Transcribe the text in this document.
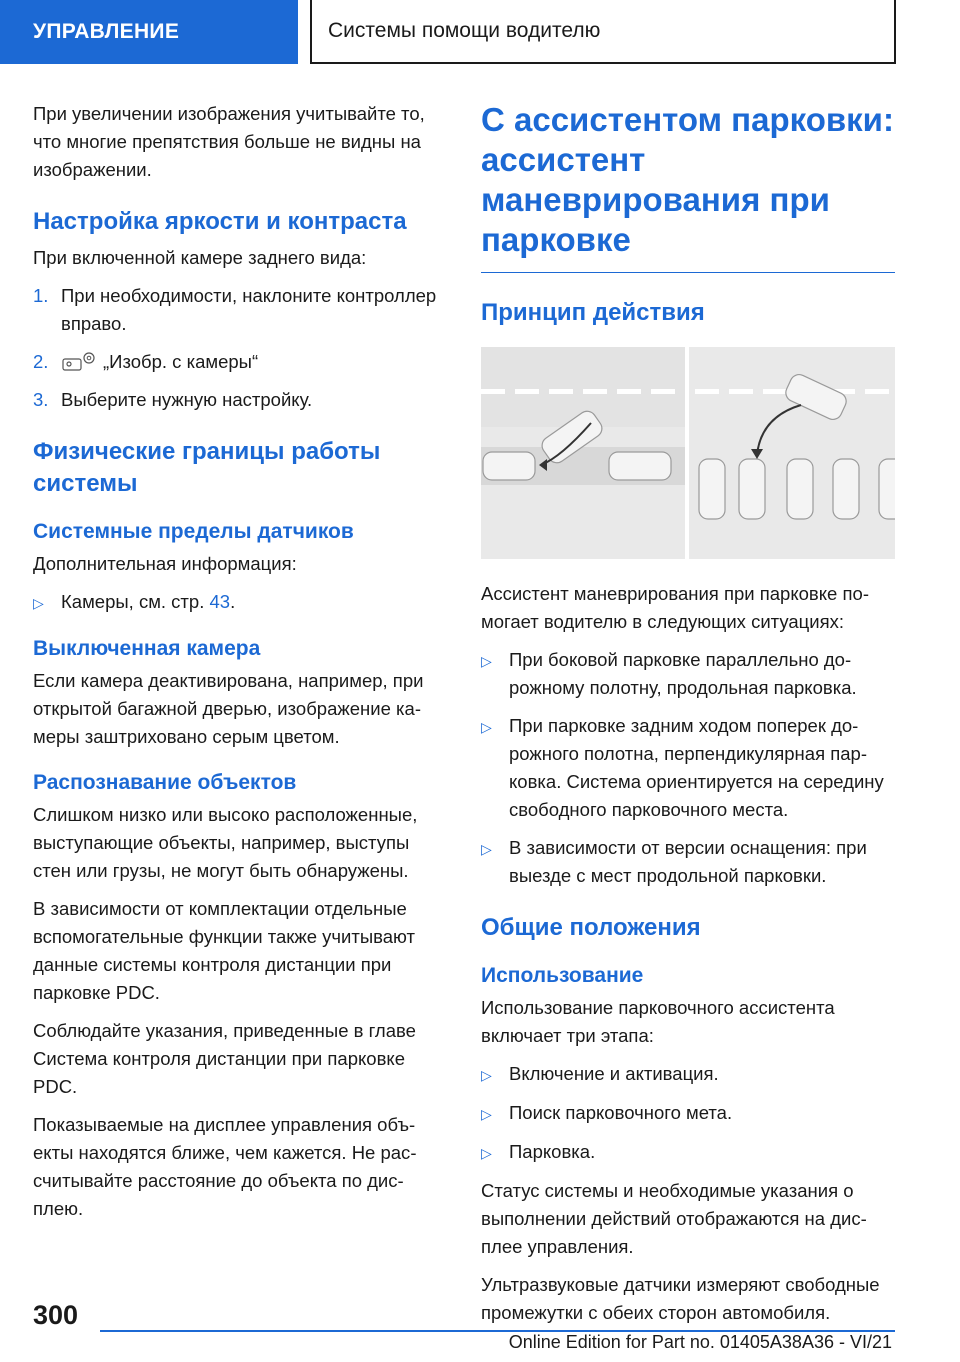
УПРАВЛЕНИЕ	Системы помощи водителю

При увеличении изображения учитывайте то, что многие препятствия больше не видны на изображении.

Настройка яркости и контраста

При включенной камере заднего вида:

1. При необходимости, наклоните контроллер вправо.
2.	„Изобр. с камеры“
3. Выберите нужную настройку.
Физические границы работы системы
Системные пределы датчиков

Дополнительная информация:

▷ Камеры, см. стр. 43.
Выключенная камера

Если камера деактивирована, например, при открытой багажной дверью, изображение камеры заштриховано серым цветом.

Распознавание объектов

Слишком низко или высоко расположенные, выступающие объекты, например, выступы стен или грузы, не могут быть обнаружены.

В зависимости от комплектации отдельные вспомогательные функции также учитывают данные системы контроля дистанции при парковке PDC.

Соблюдайте указания, приведенные в главе Система контроля дистанции при парковке PDC.

Показываемые на дисплее управления объекты находятся ближе, чем кажется. Не рассчитывайте расстояние до объекта по дисплею.

С ассистентом парковки: ассистент маневрирования при парковке
Принцип действия

Ассистент маневрирования при парковке помогает водителю в следующих ситуациях:

▷ При боковой парковке параллельно дорожному полотну, продольная парковка.
▷ При парковке задним ходом поперек дорожного полотна, перпендикулярная парковка. Система ориентируется на середину свободного парковочного места.
▷ В зависимости от версии оснащения: при выезде с мест продольной парковки.
Общие положения
Использование

Использование парковочного ассистента включает три этапа:

▷ Включение и активация.
▷ Поиск парковочного мета.
▷ Парковка.

Статус системы и необходимые указания о выполнении действий отображаются на дисплее управления.

Ультразвуковые датчики измеряют свободные промежутки с обеих сторон автомобиля.

300
Online Edition for Part no. 01405A38A36 - VI/21
